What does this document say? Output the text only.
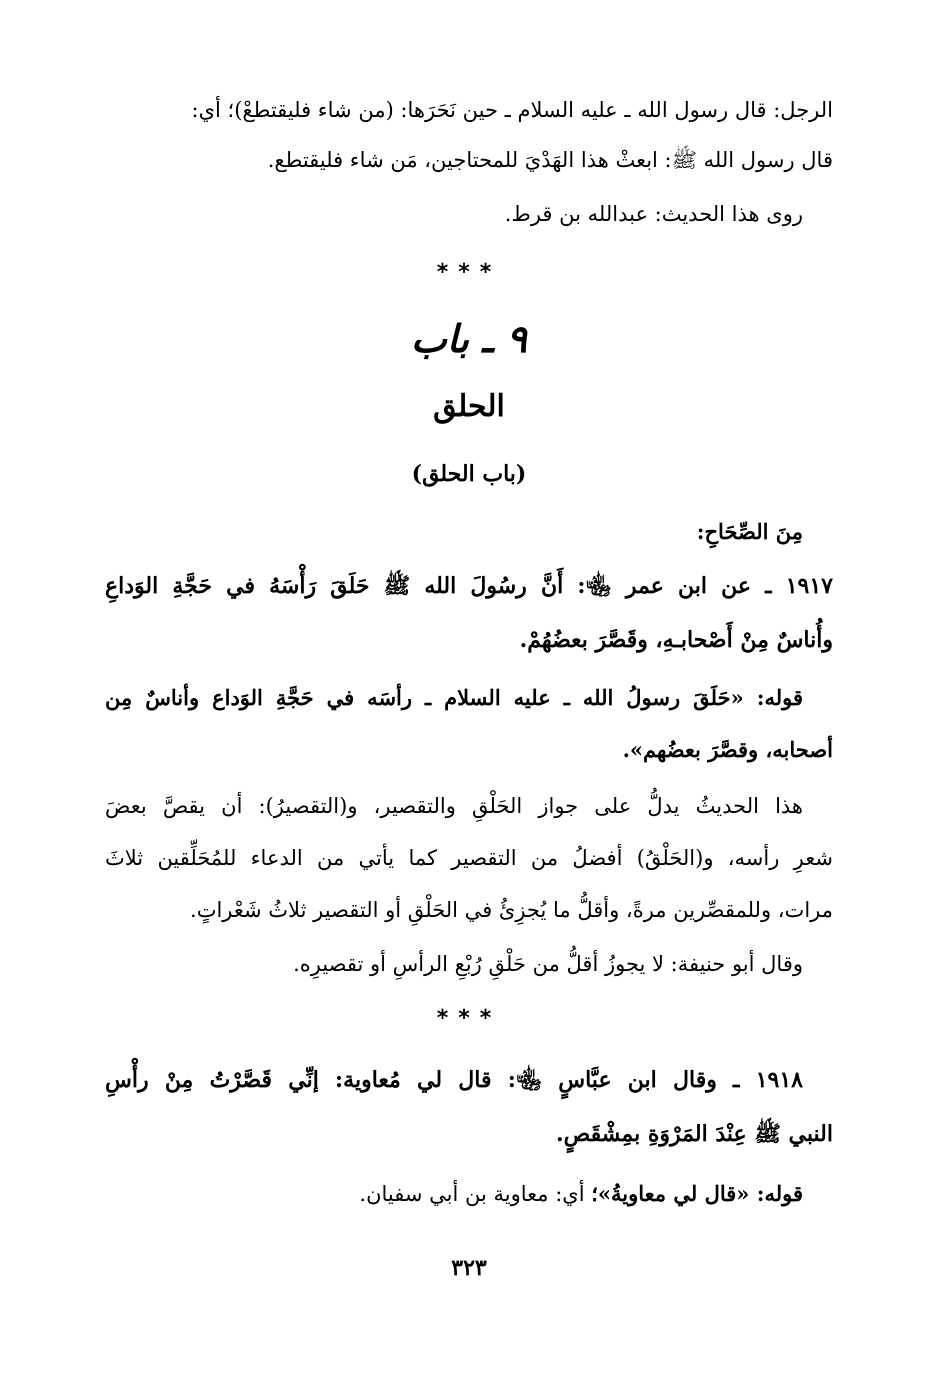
الرجل: قال رسول الله ـ عليه السلام ـ حين نَحَرَها: (من شاء فليقتطعْ)؛ أي:
قال رسول الله ﷺ: ابعثْ هذا الهَدْيَ للمحتاجين، مَن شاء فليقتطع.
روى هذا الحديث: عبدالله بن قرط.
***
٩ ـ باب
الحلق
(باب الحلق)
مِنَ الصِّحَاحِ:
١٩١٧ ـ عن ابن عمر ﵄: أَنَّ رسُولَ الله ﷺ حَلَقَ رَأْسَهُ في حَجَّةِ الوَداعِ
وأُناسٌ مِنْ أَصْحابـهِ، وقَصَّرَ بعضُهُمْ.
قوله: «حَلَقَ رسولُ الله ـ عليه السلام ـ رأسَه في حَجَّةِ الوَداع وأناسٌ مِن
أصحابه، وقصَّرَ بعضُهم».
هذا الحديثُ يدلُّ على جواز الحَلْقِ والتقصير، و(التقصيرُ): أن يقصَّ بعضَ
شعرِ رأسه، و(الحَلْقُ) أفضلُ من التقصير كما يأتي من الدعاء للمُحَلِّقين ثلاثَ
مرات، وللمقصِّرين مرةً، وأقلُّ ما يُجزِئُ في الحَلْقِ أو التقصير ثلاثُ شَعْراتٍ.
وقال أبو حنيفة: لا يجوزُ أقلُّ من حَلْقِ رُبْعِ الرأسِ أو تقصيرِه.
***
١٩١٨ ـ وقال ابن عبَّاسٍ ﵄: قال لي مُعاوية: إنِّي قَصَّرْتُ مِنْ رأْسِ
النبي ﷺ عِنْدَ المَرْوَةِ بمِشْقَصٍ.
قوله: «قال لي معاويةُ»؛ أي: معاوية بن أبي سفيان.
٣٢٣
